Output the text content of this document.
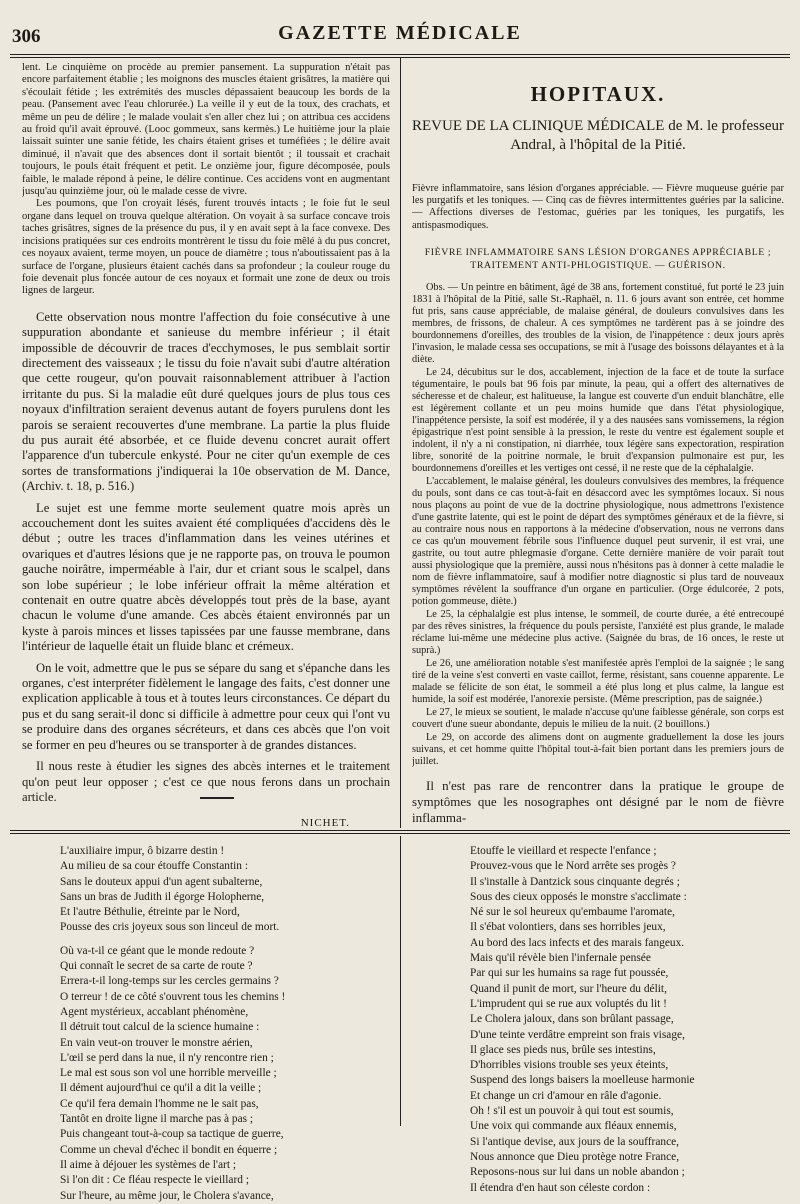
306	GAZETTE MÉDICALE

lent. Le cinquième on procède au premier pansement. La suppuration n'était pas encore parfaitement établie ; les moignons des muscles étaient grisâtres, la matière qui s'écoulait fétide ; les extrémités des muscles dépassaient beaucoup les bords de la peau. (Pansement avec l'eau chlorurée.) La veille il y eut de la toux, des crachats, et même un peu de délire ; le malade voulait s'en aller chez lui ; on attribua ces accidens au froid qu'il avait éprouvé. (Looc gommeux, sans kermès.) Le huitième jour la plaie laissait suinter une sanie fétide, les chairs étaient grises et tuméfiées ; le délire avait diminué, il n'avait que des absences dont il sortait bientôt ; il toussait et crachait toujours, le pouls était fréquent et petit. Le onzième jour, figure décomposée, pouls faible, le malade répond à peine, le délire continue. Ces accidens vont en augmentant jusqu'au quinzième jour, où le malade cesse de vivre.

Les poumons, que l'on croyait lésés, furent trouvés intacts ; le foie fut le seul organe dans lequel on trouva quelque altération. On voyait à sa surface concave trois taches grisâtres, signes de la présence du pus, il y en avait sept à la face convexe. Des incisions pratiquées sur ces endroits montrèrent le tissu du foie mêlé à du pus concret, ces noyaux avaient, terme moyen, un pouce de diamètre ; tous n'aboutissaient pas à la surface de l'organe, plusieurs étaient cachés dans sa profondeur ; la couleur rouge du foie devenait plus foncée autour de ces noyaux et formait une zone de deux ou trois lignes de largeur.

Cette observation nous montre l'affection du foie consécutive à une suppuration abondante et sanieuse du membre inférieur ; il était impossible de découvrir de traces d'ecchymoses, le pus semblait sortir directement des vaisseaux ; le tissu du foie n'avait subi d'autre altération que cette rougeur, qu'on pouvait raisonnablement attribuer à l'action irritante du pus. Si la maladie eût duré quelques jours de plus tous ces noyaux d'infiltration seraient devenus autant de foyers purulens dont les parois se seraient recouvertes d'une membrane. La partie la plus fluide du pus aurait été absorbée, et ce fluide devenu concret aurait offert l'apparence d'un tubercule enkysté. Pour ne citer qu'un exemple de ces sortes de transformations j'indiquerai la 10e observation de M. Dance, (Archiv. t. 18, p. 516.)

Le sujet est une femme morte seulement quatre mois après un accouchement dont les suites avaient été compliquées d'accidens dès le début ; outre les traces d'inflammation dans les veines utérines et ovariques et d'autres lésions que je ne rapporte pas, on trouva le poumon gauche noirâtre, imperméable à l'air, dur et criant sous le scalpel, dans son lobe supérieur ; le lobe inférieur offrait la même altération et contenait en outre quatre abcès développés tout près de la base, ayant chacun le volume d'une amande. Ces abcès étaient environnés par un kyste à parois minces et lisses tapissées par une fausse membrane, dans l'intérieur de laquelle était un fluide blanc et crémeux.

On le voit, admettre que le pus se sépare du sang et s'épanche dans les organes, c'est interpréter fidèlement le langage des faits, c'est donner une explication applicable à tous et à toutes leurs circonstances. Ce départ du pus et du sang serait-il donc si difficile à admettre pour ceux qui l'ont vu se produire dans des organes sécréteurs, et dans ces abcès que l'on voit se former en peu d'heures ou se transporter à de grandes distances.

Il nous reste à étudier les signes des abcès internes et le traitement qu'on peut leur opposer ; c'est ce que nous ferons dans un prochain article.

NICHET.
HOPITAUX.
REVUE DE LA CLINIQUE MÉDICALE de M. le professeur Andral, à l'hôpital de la Pitié.
Fièvre inflammatoire, sans lésion d'organes appréciable. — Fièvre muqueuse guérie par les purgatifs et les toniques. — Cinq cas de fièvres intermittentes guéries par la salicine. — Affections diverses de l'estomac, guéries par les toniques, les purgatifs, les antispasmodiques.
FIÈVRE INFLAMMATOIRE SANS LÉSION D'ORGANES APPRÉCIABLE ;
TRAITEMENT ANTI-PHLOGISTIQUE. — GUÉRISON.

Obs. — Un peintre en bâtiment, âgé de 38 ans, fortement constitué, fut porté le 23 juin 1831 à l'hôpital de la Pitié, salle St.-Raphaël, n. 11. 6 jours avant son entrée, cet homme fut pris, sans cause appréciable, de malaise général, de douleurs convulsives dans les membres, de frissons, de chaleur. A ces symptômes ne tardèrent pas à se joindre des bourdonnemens d'oreilles, des troubles de la vision, de l'inappétence : deux jours après l'invasion, le malade cessa ses occupations, se mit à l'usage des boissons délayantes et à la diète.

Le 24, décubitus sur le dos, accablement, injection de la face et de toute la surface tégumentaire, le pouls bat 96 fois par minute, la peau, qui a offert des alternatives de sécheresse et de chaleur, est halitueuse, la langue est couverte d'un enduit blanchâtre, elle est légèrement collante et un peu moins humide que dans l'état physiologique, l'inappétence persiste, la soif est modérée, il y a des nausées sans vomissemens, la région épigastrique n'est point sensible à la pression, le reste du ventre est également souple et indolent, il n'y a ni constipation, ni diarrhée, toux légère sans expectoration, respiration libre, sonorité de la poitrine normale, le bruit d'expansion pulmonaire est pur, les bourdonnemens d'oreilles et les vertiges ont cessé, il ne reste que de la céphalalgie.

L'accablement, le malaise général, les douleurs convulsives des membres, la fréquence du pouls, sont dans ce cas tout-à-fait en désaccord avec les symptômes locaux. Si nous nous plaçons au point de vue de la doctrine physiologique, nous admettrons l'existence d'une gastrite latente, qui est le point de départ des symptômes généraux et de la fièvre, si au contraire nous nous en rapportons à la médecine d'observation, nous ne verrons dans ce cas qu'un mouvement fébrile sous l'influence duquel peut survenir, il est vrai, une gastrite, ou tout autre phlegmasie d'organe. Cette dernière manière de voir paraît tout aussi physiologique que la première, aussi nous n'hésitons pas à donner à cette maladie le nom de fièvre inflammatoire, sauf à modifier notre diagnostic si plus tard de nouveaux symptômes révèlent la souffrance d'un organe en particulier. (Orge édulcorée, 2 pots, potion gommeuse, diète.)

Le 25, la céphalalgie est plus intense, le sommeil, de courte durée, a été entrecoupé par des rêves sinistres, la fréquence du pouls persiste, l'anxiété est plus grande, le malade réclame lui-même une médecine plus active. (Saignée du bras, de 16 onces, le reste ut suprà.)

Le 26, une amélioration notable s'est manifestée après l'emploi de la saignée ; le sang tiré de la veine s'est converti en vaste caillot, ferme, résistant, sans couenne apparente. Le malade se félicite de son état, le sommeil a été plus long et plus calme, la langue est humide, la soif est modérée, l'anorexie persiste. (Même prescription, pas de saignée.)

Le 27, le mieux se soutient, le malade n'accuse qu'une faiblesse générale, son corps est couvert d'une sueur abondante, depuis le milieu de la nuit. (2 bouillons.)

Le 29, on accorde des alimens dont on augmente graduellement la dose les jours suivans, et cet homme quitte l'hôpital tout-à-fait bien portant dans les premiers jours de juillet.

Il n'est pas rare de rencontrer dans la pratique le groupe de symptômes que les nosographes ont désigné par le nom de fièvre inflamma-

L'auxiliaire impur, ô bizarre destin !
Au milieu de sa cour étouffe Constantin :
Sans le douteux appui d'un agent subalterne,
Sans un bras de Judith il égorge Holopherne,
Et l'autre Béthulie, étreinte par le Nord,
Pousse des cris joyeux sous son linceul de mort.
Où va-t-il ce géant que le monde redoute ?
Qui connaît le secret de sa carte de route ?
Errera-t-il long-temps sur les cercles germains ?
O terreur ! de ce côté s'ouvrent tous les chemins !
Agent mystérieux, accablant phénomène,
Il détruit tout calcul de la science humaine :
En vain veut-on trouver le monstre aérien,
L'œil se perd dans la nue, il n'y rencontre rien ;
Le mal est sous son vol une horrible merveille ;
Il dément aujourd'hui ce qu'il a dit la veille ;
Ce qu'il fera demain l'homme ne le sait pas,
Tantôt en droite ligne il marche pas à pas ;
Puis changeant tout-à-coup sa tactique de guerre,
Comme un cheval d'échec il bondit en équerre ;
Il aime à déjouer les systèmes de l'art ;
Si l'on dit : Ce fléau respecte le vieillard ;
Sur l'heure, au même jour, le Cholera s'avance,
Etouffe le vieillard et respecte l'enfance ;
Prouvez-vous que le Nord arrête ses progès ?
Il s'installe à Dantzick sous cinquante degrés ;
Sous des cieux opposés le monstre s'acclimate :
Né sur le sol heureux qu'embaume l'aromate,
Il s'ébat volontiers, dans ses horribles jeux,
Au bord des lacs infects et des marais fangeux.
Mais qu'il révèle bien l'infernale pensée
Par qui sur les humains sa rage fut poussée,
Quand il punit de mort, sur l'heure du délit,
L'imprudent qui se rue aux voluptés du lit !
Le Cholera jaloux, dans son brûlant passage,
D'une teinte verdâtre empreint son frais visage,
Il glace ses pieds nus, brûle ses intestins,
D'horribles visions trouble ses yeux éteints,
Suspend des longs baisers la moelleuse harmonie
Et change un cri d'amour en râle d'agonie.
Oh ! s'il est un pouvoir à qui tout est soumis,
Une voix qui commande aux fléaux ennemis,
Si l'antique devise, aux jours de la souffrance,
Nous annonce que Dieu protège notre France,
Reposons-nous sur lui dans un noble abandon ;
Il étendra d'en haut son céleste cordon :
